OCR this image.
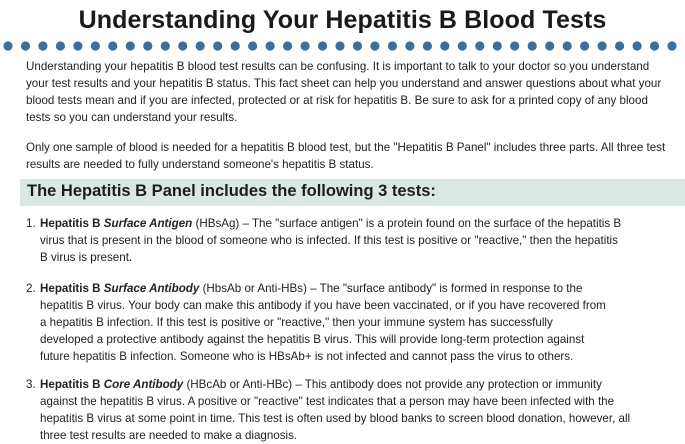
Understanding Your Hepatitis B Blood Tests

Understanding your hepatitis B blood test results can be confusing. It is important to talk to your doctor so you understand your test results and your hepatitis B status. This fact sheet can help you understand and answer questions about what your blood tests mean and if you are infected, protected or at risk for hepatitis B. Be sure to ask for a printed copy of any blood tests so you can understand your results.

Only one sample of blood is needed for a hepatitis B blood test, but the "Hepatitis B Panel" includes three parts. All three test results are needed to fully understand someone's hepatitis B status.

The Hepatitis B Panel includes the following 3 tests:
1. Hepatitis B Surface Antigen (HBsAg) – The "surface antigen" is a protein found on the surface of the hepatitis B virus that is present in the blood of someone who is infected. If this test is positive or "reactive," then the hepatitis B virus is present.
2. Hepatitis B Surface Antibody (HbsAb or Anti-HBs) – The "surface antibody" is formed in response to the hepatitis B virus. Your body can make this antibody if you have been vaccinated, or if you have recovered from a hepatitis B infection. If this test is positive or "reactive," then your immune system has successfully developed a protective antibody against the hepatitis B virus. This will provide long-term protection against future hepatitis B infection. Someone who is HBsAb+ is not infected and cannot pass the virus to others.
3. Hepatitis B Core Antibody (HBcAb or Anti-HBc) – This antibody does not provide any protection or immunity against the hepatitis B virus. A positive or "reactive" test indicates that a person may have been infected with the hepatitis B virus at some point in time. This test is often used by blood banks to screen blood donation, however, all three test results are needed to make a diagnosis.
